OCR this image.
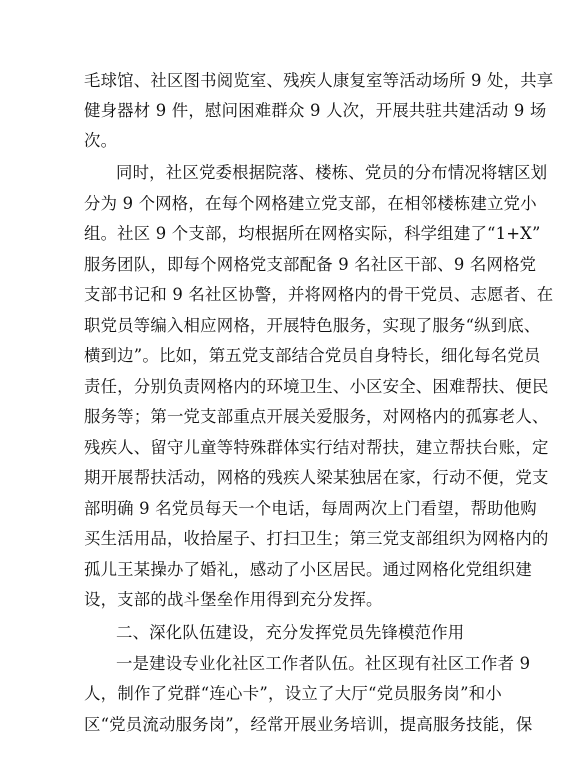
毛球馆、社区图书阅览室、残疾人康复室等活动场所 9 处，共享
健身器材 9 件，慰问困难群众 9 人次，开展共驻共建活动 9 场
次。
同时，社区党委根据院落、楼栋、党员的分布情况将辖区划
分为 9 个网格，在每个网格建立党支部，在相邻楼栋建立党小
组。社区 9 个支部，均根据所在网格实际，科学组建了“1+X”
服务团队，即每个网格党支部配备 9 名社区干部、9 名网格党
支部书记和 9 名社区协警，并将网格内的骨干党员、志愿者、在
职党员等编入相应网格，开展特色服务，实现了服务“纵到底、
横到边”。比如，第五党支部结合党员自身特长，细化每名党员
责任，分别负责网格内的环境卫生、小区安全、困难帮扶、便民
服务等；第一党支部重点开展关爱服务，对网格内的孤寡老人、
残疾人、留守儿童等特殊群体实行结对帮扶，建立帮扶台账，定
期开展帮扶活动，网格的残疾人梁某独居在家，行动不便，党支
部明确 9 名党员每天一个电话，每周两次上门看望，帮助他购
买生活用品，收拾屋子、打扫卫生；第三党支部组织为网格内的
孤儿王某操办了婚礼，感动了小区居民。通过网格化党组织建
设，支部的战斗堡垒作用得到充分发挥。
二、深化队伍建设，充分发挥党员先锋模范作用
一是建设专业化社区工作者队伍。社区现有社区工作者 9
人，制作了党群“连心卡”，设立了大厅“党员服务岗”和小
区“党员流动服务岗”，经常开展业务培训，提高服务技能，保
